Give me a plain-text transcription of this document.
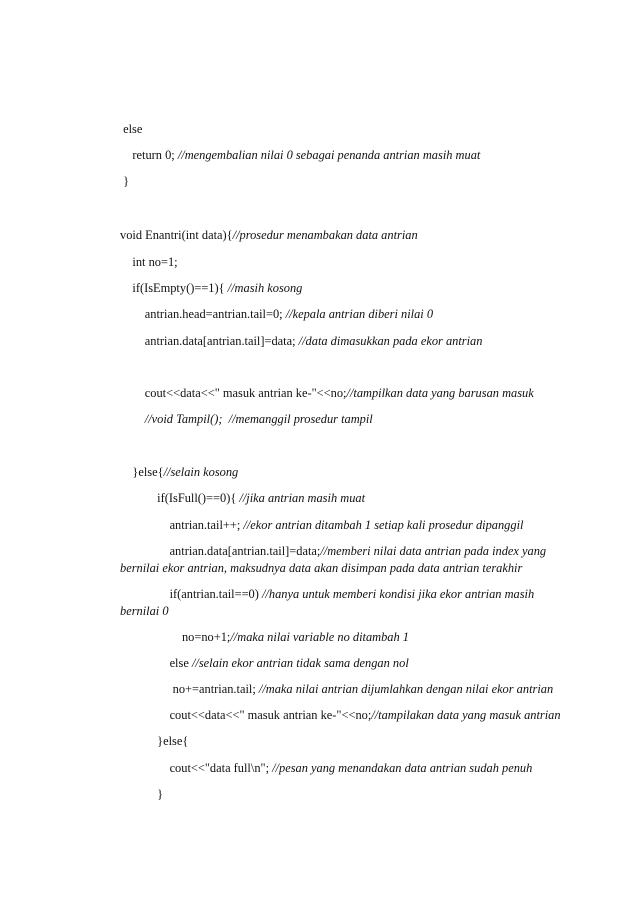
else
return 0; //mengembalian nilai 0 sebagai penanda antrian masih muat
}
void Enantri(int data){//prosedur menambakan data antrian
int no=1;
if(IsEmpty()==1){ //masih kosong
antrian.head=antrian.tail=0; //kepala antrian diberi nilai 0
antrian.data[antrian.tail]=data; //data dimasukkan pada ekor antrian
cout<<data<<" masuk antrian ke-"<<no;//tampilkan data yang barusan masuk
//void Tampil();  //memanggil prosedur tampil
}else{//selain kosong
if(IsFull()==0){ //jika antrian masih muat
antrian.tail++; //ekor antrian ditambah 1 setiap kali prosedur dipanggil
antrian.data[antrian.tail]=data;//memberi nilai data antrian pada index yang
bernilai ekor antrian, maksudnya data akan disimpan pada data antrian terakhir
if(antrian.tail==0) //hanya untuk memberi kondisi jika ekor antrian masih
bernilai 0
no=no+1;//maka nilai variable no ditambah 1
else //selain ekor antrian tidak sama dengan nol
no+=antrian.tail; //maka nilai antrian dijumlahkan dengan nilai ekor antrian
cout<<data<<" masuk antrian ke-"<<no;//tampilakan data yang masuk antrian
}else{
cout<<"data full\n"; //pesan yang menandakan data antrian sudah penuh
}
